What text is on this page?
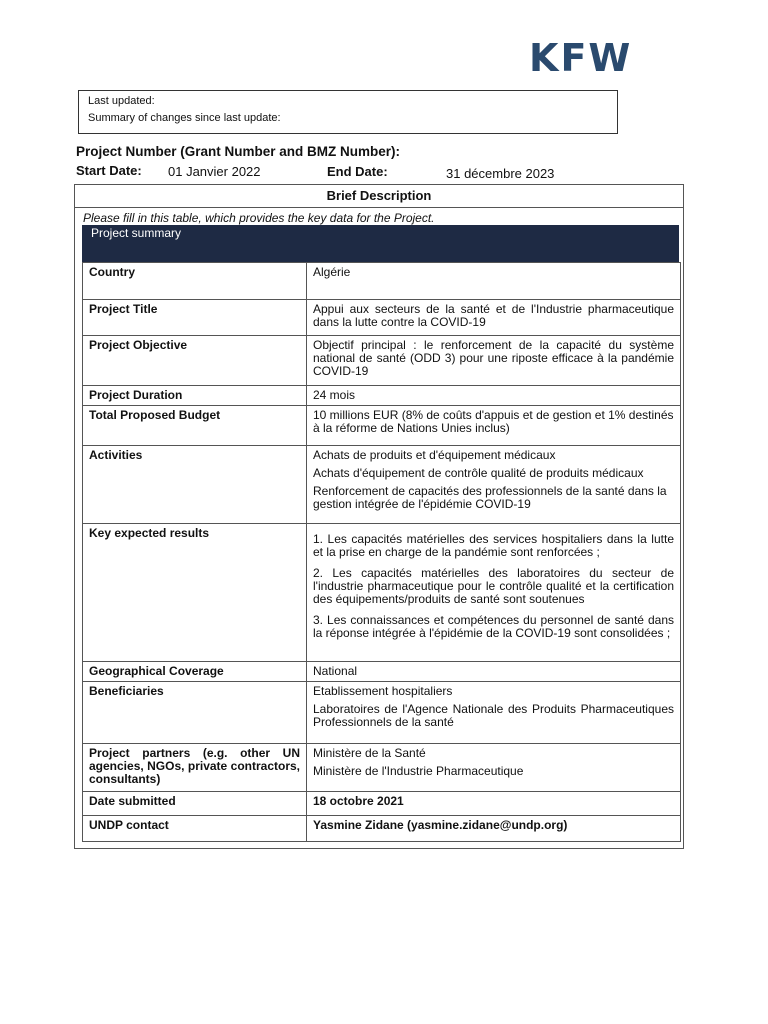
KFW
Last updated:
Summary of changes since last update:
Project Number (Grant Number and BMZ Number):
Start Date: 01 Janvier 2022	End Date:	31 décembre 2023
Brief Description
Please fill in this table, which provides the key data for the Project.
Project summary
Country	Algérie
Project Title	Appui aux secteurs de la santé et de l'Industrie pharmaceutique dans la lutte contre la COVID-19
Project Objective	Objectif principal : le renforcement de la capacité du système national de santé (ODD 3) pour une riposte efficace à la pandémie COVID-19
Project Duration	24 mois
Total Proposed Budget	10 millions EUR (8% de coûts d'appuis et de gestion et 1% destinés à la réforme de Nations Unies inclus)
Activities	Achats de produits et d'équipement médicaux
Achats d'équipement de contrôle qualité de produits médicaux
Renforcement de capacités des professionnels de la santé dans la gestion intégrée de l'épidémie COVID-19

Key expected results	1. Les capacités matérielles des services hospitaliers dans la lutte et la prise en charge de la pandémie sont renforcées ;
2. Les capacités matérielles des laboratoires du secteur de l'industrie pharmaceutique pour le contrôle qualité et la certification des équipements/produits de santé sont soutenues
3. Les connaissances et compétences du personnel de santé dans la réponse intégrée à l'épidémie de la COVID-19 sont consolidées ;

Geographical Coverage	National
Beneficiaries	Etablissement hospitaliers
Laboratoires de l'Agence Nationale des Produits Pharmaceutiques Professionnels de la santé

Project partners (e.g. other UN agencies, NGOs, private contractors, consultants)	Ministère de la Santé
Ministère de l'Industrie Pharmaceutique

Date submitted	18 octobre 2021
UNDP contact	Yasmine Zidane (yasmine.zidane@undp.org)
